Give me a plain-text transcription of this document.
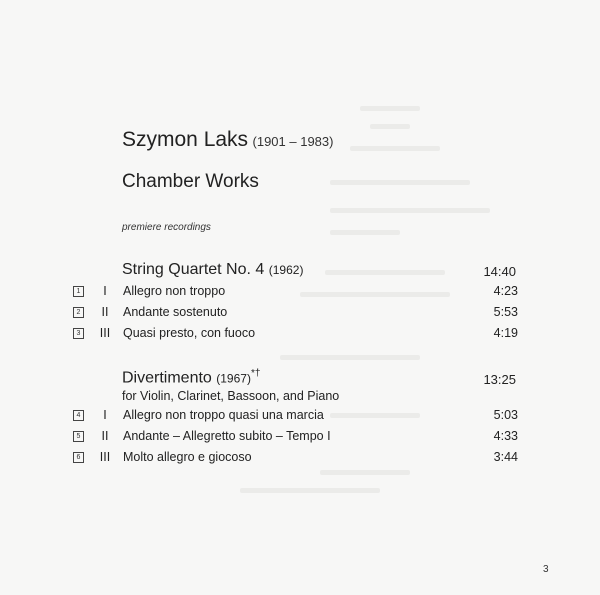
Szymon Laks (1901 – 1983)
Chamber Works
premiere recordings
String Quartet No. 4 (1962)	14:40
1	I	Allegro non troppo	4:23
2	II	Andante sostenuto	5:53
3	III	Quasi presto, con fuoco	4:19
Divertimento (1967)*†	13:25
for Violin, Clarinet, Bassoon, and Piano
4	I	Allegro non troppo quasi una marcia	5:03
5	II	Andante – Allegretto subito – Tempo I	4:33
6	III	Molto allegro e giocoso	3:44
3
